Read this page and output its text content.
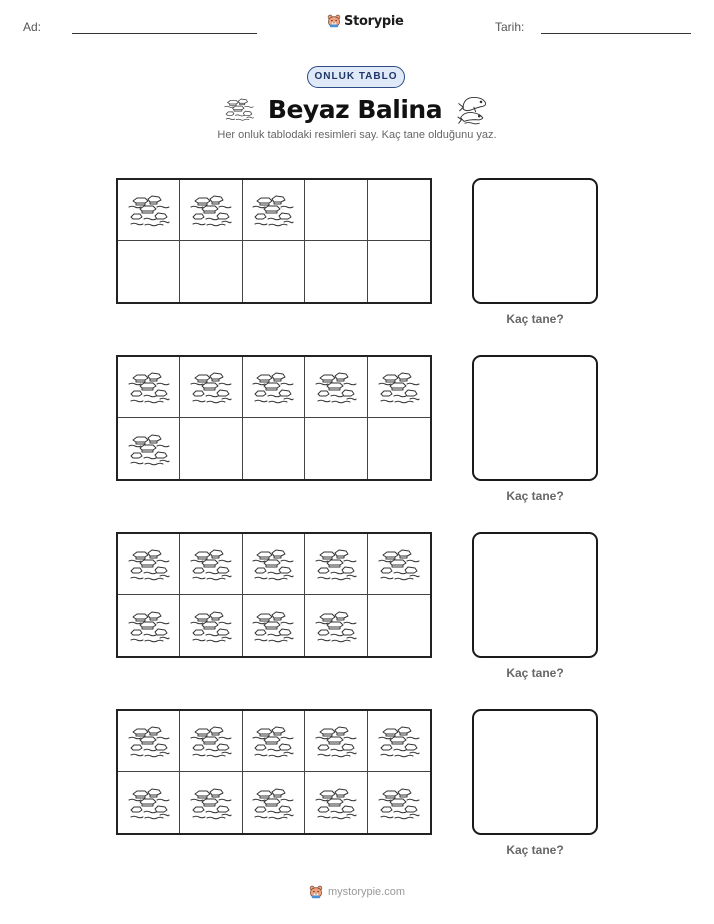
Ad:	Storypie	Tarih:
ONLUK TABLO
Beyaz Balina
Her onluk tablodaki resimleri say. Kaç tane olduğunu yaz.
Kaç tane?
Kaç tane?
Kaç tane?
Kaç tane?
mystorypie.com
